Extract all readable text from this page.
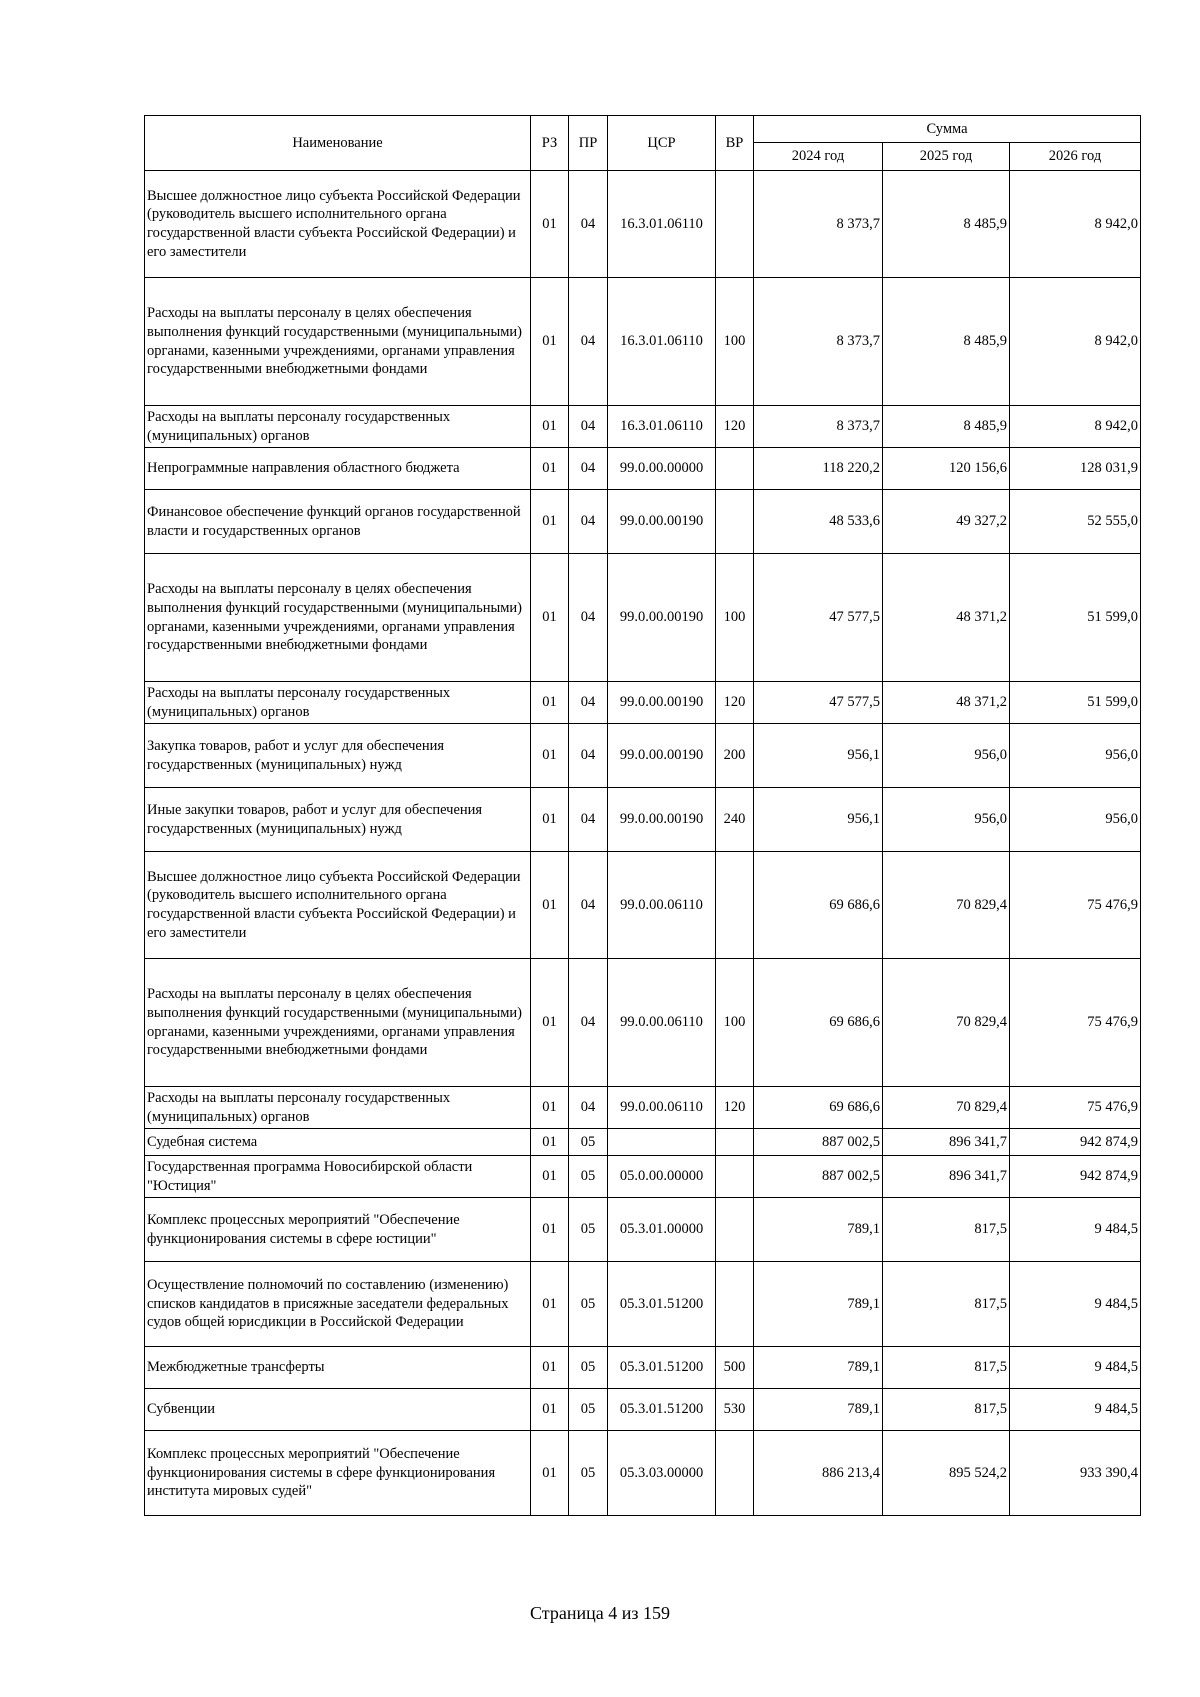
Наименование	РЗ	ПР	ЦСР	ВР	Сумма		
					2024 год	2025 год	2026 год
Высшее должностное лицо субъекта Российской Федерации (руководитель высшего исполнительного органа государственной власти субъекта Российской Федерации) и его заместители	01	04	16.3.01.06110		8 373,7	8 485,9	8 942,0
Расходы на выплаты персоналу в целях обеспечения выполнения функций государственными (муниципальными) органами, казенными учреждениями, органами управления государственными внебюджетными фондами	01	04	16.3.01.06110	100	8 373,7	8 485,9	8 942,0
Расходы на выплаты персоналу государственных (муниципальных) органов	01	04	16.3.01.06110	120	8 373,7	8 485,9	8 942,0
Непрограммные направления областного бюджета	01	04	99.0.00.00000		118 220,2	120 156,6	128 031,9
Финансовое обеспечение функций органов государственной власти и государственных органов	01	04	99.0.00.00190		48 533,6	49 327,2	52 555,0
Расходы на выплаты персоналу в целях обеспечения выполнения функций государственными (муниципальными) органами, казенными учреждениями, органами управления государственными внебюджетными фондами	01	04	99.0.00.00190	100	47 577,5	48 371,2	51 599,0
Расходы на выплаты персоналу государственных (муниципальных) органов	01	04	99.0.00.00190	120	47 577,5	48 371,2	51 599,0
Закупка товаров, работ и услуг для обеспечения государственных (муниципальных) нужд	01	04	99.0.00.00190	200	956,1	956,0	956,0
Иные закупки товаров, работ и услуг для обеспечения государственных (муниципальных) нужд	01	04	99.0.00.00190	240	956,1	956,0	956,0
Высшее должностное лицо субъекта Российской Федерации (руководитель высшего исполнительного органа государственной власти субъекта Российской Федерации) и его заместители	01	04	99.0.00.06110		69 686,6	70 829,4	75 476,9
Расходы на выплаты персоналу в целях обеспечения выполнения функций государственными (муниципальными) органами, казенными учреждениями, органами управления государственными внебюджетными фондами	01	04	99.0.00.06110	100	69 686,6	70 829,4	75 476,9
Расходы на выплаты персоналу государственных (муниципальных) органов	01	04	99.0.00.06110	120	69 686,6	70 829,4	75 476,9
Судебная система	01	05			887 002,5	896 341,7	942 874,9
Государственная программа Новосибирской области "Юстиция"	01	05	05.0.00.00000		887 002,5	896 341,7	942 874,9
Комплекс процессных мероприятий "Обеспечение функционирования системы в сфере юстиции"	01	05	05.3.01.00000		789,1	817,5	9 484,5
Осуществление полномочий по составлению (изменению) списков кандидатов в присяжные заседатели федеральных судов общей юрисдикции в Российской Федерации	01	05	05.3.01.51200		789,1	817,5	9 484,5
Межбюджетные трансферты	01	05	05.3.01.51200	500	789,1	817,5	9 484,5
Субвенции	01	05	05.3.01.51200	530	789,1	817,5	9 484,5
Комплекс процессных мероприятий "Обеспечение функционирования системы в сфере функционирования института мировых судей"	01	05	05.3.03.00000		886 213,4	895 524,2	933 390,4
Страница 4 из 159
